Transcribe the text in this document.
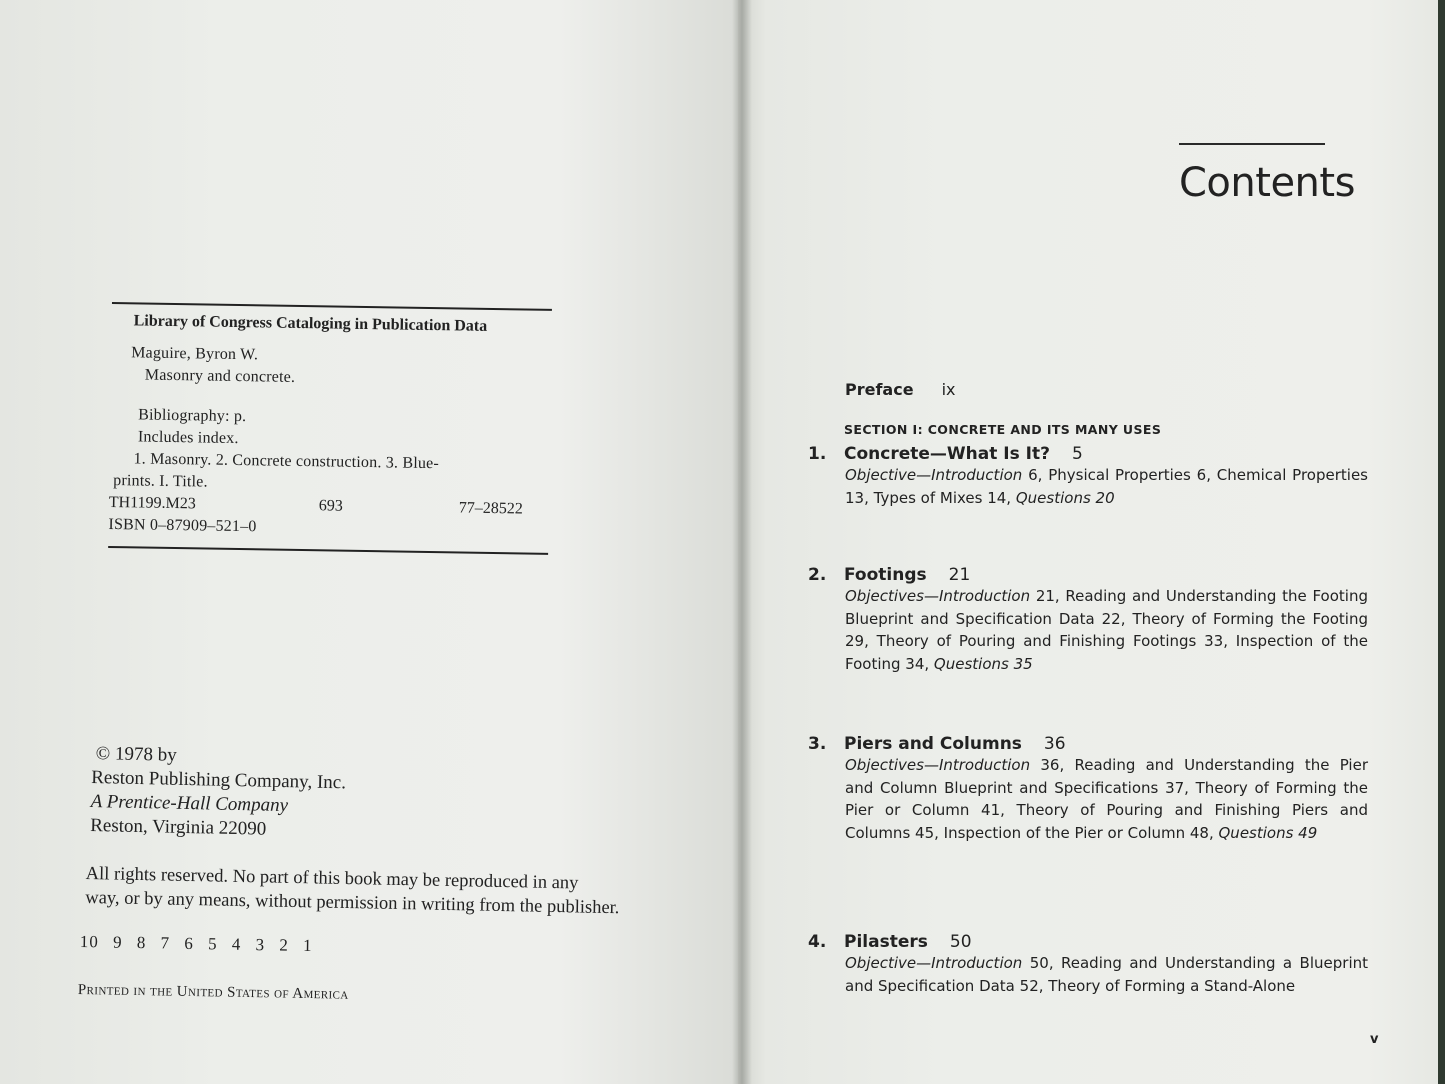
Library of Congress Cataloging in Publication Data
Maguire, Byron W.
Masonry and concrete.
Bibliography: p.
Includes index.
1. Masonry. 2. Concrete construction. 3. Blue-
prints. I. Title.
TH1199.M23	693	77–28522
ISBN 0–87909–521–0
© 1978 by
Reston Publishing Company, Inc.
A Prentice-Hall Company
Reston, Virginia 22090
All rights reserved. No part of this book may be reproduced in any
way, or by any means, without permission in writing from the publisher.
10 9 8 7 6 5 4 3 2 1
Printed in the United States of America
Contents
Preface ix
SECTION I: CONCRETE AND ITS MANY USES
1. Concrete—What Is It? 5
Objective—Introduction 6, Physical Properties 6, Chemical Properties 13, Types of Mixes 14, Questions 20
2. Footings 21
Objectives—Introduction 21, Reading and Understanding the Footing Blueprint and Specification Data 22, Theory of Forming the Footing 29, Theory of Pouring and Finishing Footings 33, Inspection of the Footing 34, Questions 35
3. Piers and Columns 36
Objectives—Introduction 36, Reading and Understanding the Pier and Column Blueprint and Specifications 37, Theory of Forming the Pier or Column 41, Theory of Pouring and Finishing Piers and Columns 45, Inspection of the Pier or Column 48, Questions 49
4. Pilasters 50
Objective—Introduction 50, Reading and Understanding a Blueprint and Specification Data 52, Theory of Forming a Stand-Alone
v
